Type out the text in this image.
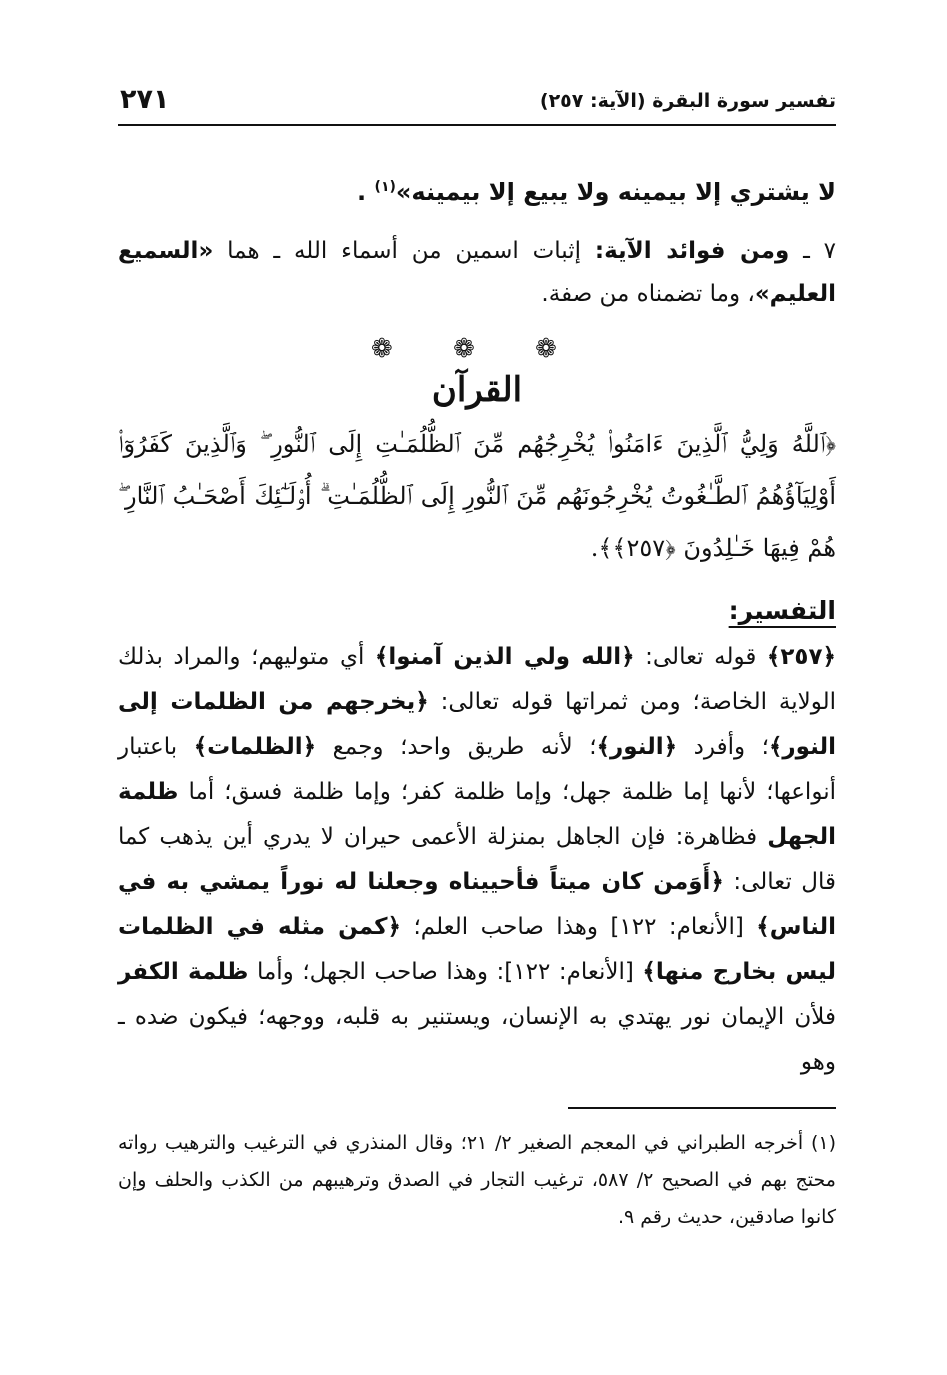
تفسير سورة البقرة (الآية: ٢٥٧)
٢٧١

لا يشتري إلا بيمينه ولا يبيع إلا بيمينه»$^{(١)}$ .

٧ ـ ومن فوائد الآية: إثبات اسمين من أسماء الله ـ هما «السميع العليم»، وما تضمناه من صفة.

❁ ❁ ❁
القرآن

﴿ٱللَّهُ وَلِيُّ ٱلَّذِينَ ءَامَنُوا۟ يُخْرِجُهُم مِّنَ ٱلظُّلُمَـٰتِ إِلَى ٱلنُّورِ ۖ وَٱلَّذِينَ كَفَرُوٓا۟ أَوْلِيَآؤُهُمُ ٱلطَّـٰغُوتُ يُخْرِجُونَهُم مِّنَ ٱلنُّورِ إِلَى ٱلظُّلُمَـٰتِ ۗ أُو۟لَـٰٓئِكَ أَصْحَـٰبُ ٱلنَّارِ ۖ هُمْ فِيهَا خَـٰلِدُونَ ﴿٢٥٧﴾﴾.

التفسير:

﴿٢٥٧﴾ قوله تعالى: ﴿الله ولي الذين آمنوا﴾ أي متوليهم؛ والمراد بذلك الولاية الخاصة؛ ومن ثمراتها قوله تعالى: ﴿يخرجهم من الظلمات إلى النور﴾؛ وأفرد ﴿النور﴾؛ لأنه طريق واحد؛ وجمع ﴿الظلمات﴾ باعتبار أنواعها؛ لأنها إما ظلمة جهل؛ وإما ظلمة كفر؛ وإما ظلمة فسق؛ أما ظلمة الجهل فظاهرة: فإن الجاهل بمنزلة الأعمى حيران لا يدري أين يذهب كما قال تعالى: ﴿أَوَمن كان ميتاً فأحييناه وجعلنا له نوراً يمشي به في الناس﴾ [الأنعام: ١٢٢] وهذا صاحب العلم؛ ﴿كمن مثله في الظلمات ليس بخارج منها﴾ [الأنعام: ١٢٢]: وهذا صاحب الجهل؛ وأما ظلمة الكفر فلأن الإيمان نور يهتدي به الإنسان، ويستنير به قلبه، ووجهه؛ فيكون ضده ـ وهو

(١) أخرجه الطبراني في المعجم الصغير ٢/ ٢١؛ وقال المنذري في الترغيب والترهيب رواته محتج بهم في الصحيح ٢/ ٥٨٧، ترغيب التجار في الصدق وترهيبهم من الكذب والحلف وإن كانوا صادقين، حديث رقم ٩.
